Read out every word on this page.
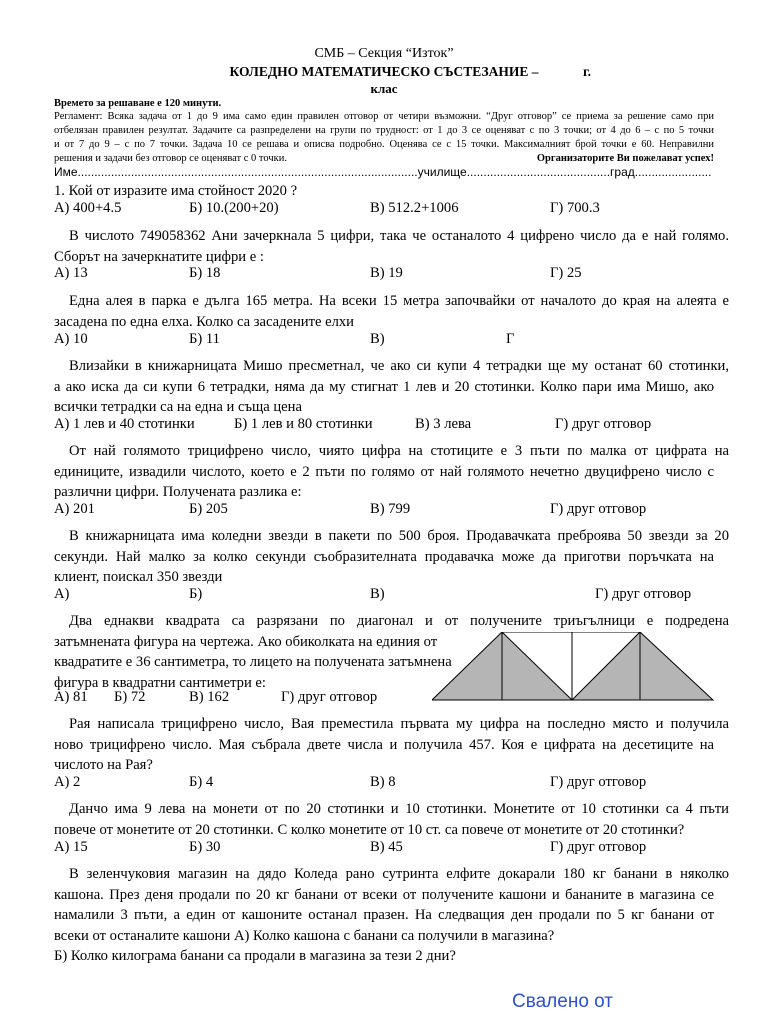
СМБ – Секция “Изток”
КОЛЕДНО МАТЕМАТИЧЕСКО СЪСТЕЗАНИЕ –	г.
клас
Времето за решаване е 120 минути.
Регламент: Всяка задача от 1 до 9 има само един правилен отговор от четири възможни. “Друг отговор” се приема за решение само при
отбелязан правилен резултат. Задачите са разпределени на групи по трудност: от 1 до 3 се оценяват с по 3 точки; от 4 до 6 – с по 5 точки
и от 7 до 9 – с по 7 точки. Задача 10 се решава и описва подробно. Оценява се с 15 точки. Максималният брой точки е 60. Неправилни
решения и задачи без отговор се оценяват с 0 точки.	Организаторите Ви пожелават успех!
Име......................................................................................................училище...........................................град.......................
1. Кой от изразите има стойност 2020 ?
А) 400+4.5	Б) 10.(200+20)	В) 512.2+1006	Г) 700.3
В числото 749058362 Ани зачеркнала 5 цифри, така че останалото 4 цифрено число да е най голямо.
Сборът на зачеркнатите цифри е :
А) 13	Б) 18	В) 19	Г) 25
Една алея в парка е дълга 165 метра. На всеки 15 метра започвайки от началото до края на алеята е
засадена по една елха. Колко са засадените елхи
А) 10	Б) 11	В)	Г
Влизайки в книжарницата Мишо пресметнал, че ако си купи 4 тетрадки ще му останат 60 стотинки,
а ако иска да си купи 6 тетрадки, няма да му стигнат 1 лев и 20 стотинки. Колко пари има Мишо, ако
всички тетрадки са на една и съща цена
А) 1 лев и 40 стотинки	Б) 1 лев и 80 стотинки	В) 3 лева	Г) друг отговор
От най голямото трицифрено число, чиято цифра на стотиците е 3 пъти по малка от цифрата на
единиците, извадили числото, което е 2 пъти по голямо от най голямото нечетно двуцифрено число с
различни цифри. Получената разлика е:
А) 201	Б) 205	В) 799	Г) друг отговор
В книжарницата има коледни звезди в пакети по 500 броя. Продавачката преброява 50 звезди за 20
секунди. Най малко за колко секунди съобразителната продавачка може да приготви поръчката на
клиент, поискал 350 звезди
А)	Б)	В)	Г) друг отговор
Два еднакви квадрата са разрязани по диагонал и от получените триъгълници е подредена
затъмнената фигура на чертежа. Ако обиколката на единия от
квадратите е 36 сантиметра, то лицето на получената затъмнена
фигура в квадратни сантиметри е:
А) 81 Б) 72	В) 162	Г) друг отговор
Рая написала трицифрено число, Вая преместила първата му цифра на последно място и получила
ново трицифрено число. Мая събрала двете числа и получила 457. Коя е цифрата на десетиците на
числото на Рая?
А) 2	Б) 4	В) 8	Г) друг отговор
Данчо има 9 лева на монети от по 20 стотинки и 10 стотинки. Монетите от 10 стотинки са 4 пъти
повече от монетите от 20 стотинки. С колко монетите от 10 ст. са повече от монетите от 20 стотинки?
А) 15	Б) 30	В) 45	Г) друг отговор
В зеленчуковия магазин на дядо Коледа рано сутринта елфите докарали 180 кг банани в няколко
кашона. През деня продали по 20 кг банани от всеки от получените кашони и бананите в магазина се
намалили 3 пъти, а един от кашоните останал празен. На следващия ден продали по 5 кг банани от
всеки от останалите кашони А) Колко кашона с банани са получили в магазина?
Б) Колко килограма банани са продали в магазина за тези 2 дни?
Свалено от
